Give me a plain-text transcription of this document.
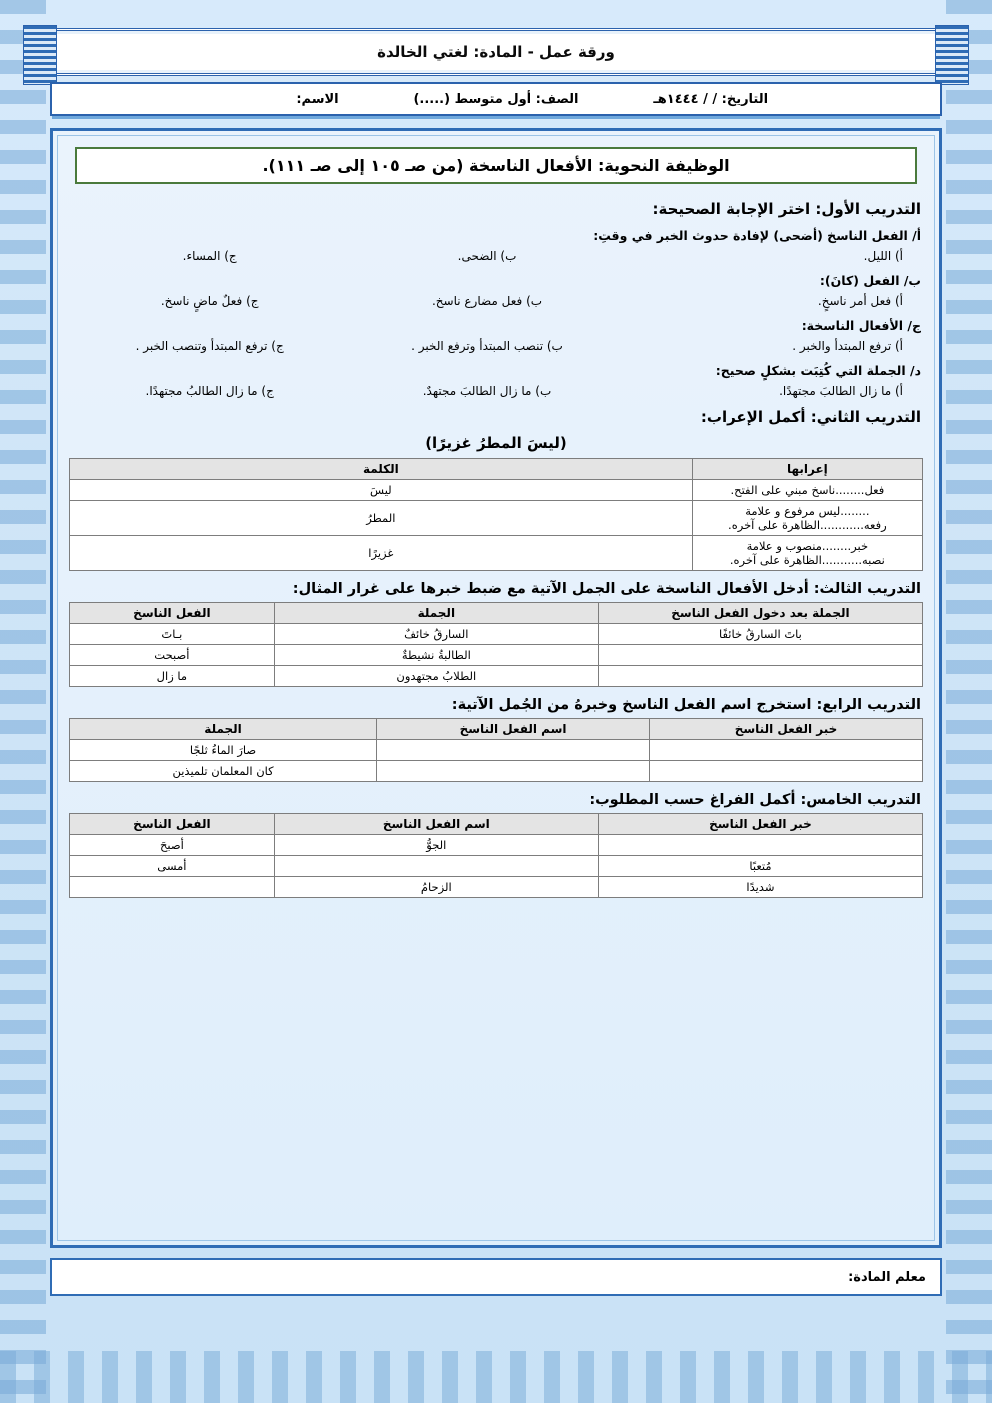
ورقة عمل - المادة: لغتي الخالدة
التاريخ: / / ١٤٤٤هـ
الصف: أول متوسط (.....)
الاسم:
الوظيفة النحوية: الأفعال الناسخة (من صـ ١٠٥ إلى صـ ١١١).
التدريب الأول: اختر الإجابة الصحيحة:
أ/ الفعل الناسخ (أضحى) لإفادة حدوث الخبر في وقتِ:
أ) الليل.
ب) الضحى.
ج) المساء.
ب/ الفعل (كانَ):
أ) فعل أمر ناسخٍ.
ب) فعل مضارع ناسخ.
ج) فعلٌ ماضٍ ناسخ.
ج/ الأفعال الناسخة:
أ) ترفع المبتدأ والخبر .
ب) تنصب المبتدأ وترفع الخبر .
ج) ترفع المبتدأ وتنصب الخبر .
د/ الجملة التي كُتِبَت بشكلٍ صحيح:
أ) ما زال الطالبَ مجتهدًا.
ب) ما زال الطالبَ مجتهدٌ.
ج) ما زال الطالبُ مجتهدًا.
التدريب الثاني: أكمل الإعراب:
(ليسَ المطرُ غزيرًا)
إعرابها	الكلمة
فعل........ناسخ مبني على الفتح.	ليسَ
........ليس مرفوع و علامة رفعه............الظاهرة على آخره.	المطرُ
خبر........منصوب و علامة نصبه...........الظاهرة على آخره.	غزيرًا
التدريب الثالث: أدخل الأفعال الناسخة على الجمل الآتية مع ضبط خبرها على غرار المثال:
الجملة بعد دخول الفعل الناسخ	الجملة	الفعل الناسخ
باتَ السارقُ خائفًا	السارقُ خائفٌ	بـاتَ
	الطالبةُ نشيطةٌ	أصبحت
	الطلابُ مجتهدون	ما زال
التدريب الرابع: استخرج اسم الفعل الناسخ وخبرهُ من الجُمل الآتية:
خبر الفعل الناسخ	اسم الفعل الناسخ	الجملة
		صارَ الماءُ ثلجًا
		كان المعلمان تلميذين
التدريب الخامس: أكمل الفراغ حسب المطلوب:
خبر الفعل الناسخ	اسم الفعل الناسخ	الفعل الناسخ
	الجوُّ	أصبحَ
مُتعبًا		أمسى
شديدًا	الزحامُ	
معلم المادة:
